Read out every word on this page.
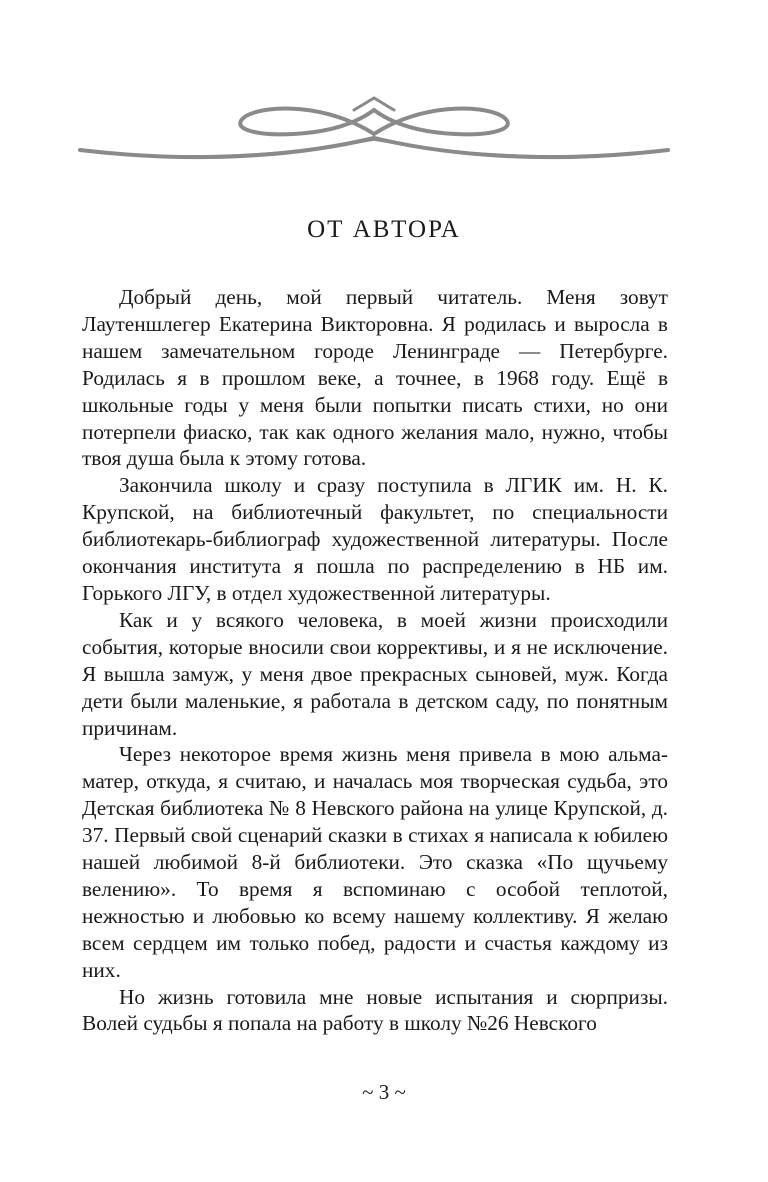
ОТ АВТОРА

Добрый день, мой первый читатель. Меня зовут Лаутеншлегер Екатерина Викторовна. Я родилась и выросла в нашем замечательном городе Ленинграде — Петербурге. Родилась я в прошлом веке, а точнее, в 1968 году. Ещё в школьные годы у меня были попытки писать стихи, но они потерпели фиаско, так как одного желания мало, нужно, чтобы твоя душа была к этому готова.

Закончила школу и сразу поступила в ЛГИК им. Н. К. Крупской, на библиотечный факультет, по специальности библиотекарь-библиограф художественной литературы. После окончания института я пошла по распределению в НБ им. Горького ЛГУ, в отдел художественной литературы.

Как и у всякого человека, в моей жизни происходили события, которые вносили свои коррективы, и я не исключение. Я вышла замуж, у меня двое прекрасных сыновей, муж. Когда дети были маленькие, я работала в детском саду, по понятным причинам.

Через некоторое время жизнь меня привела в мою альма-матер, откуда, я считаю, и началась моя творческая судьба, это Детская библиотека № 8 Невского района на улице Крупской, д. 37. Первый свой сценарий сказки в стихах я написала к юбилею нашей любимой 8-й библиотеки. Это сказка «По щучьему велению». То время я вспоминаю с особой теплотой, нежностью и любовью ко всему нашему коллективу. Я желаю всем сердцем им только побед, радости и счастья каждому из них.

Но жизнь готовила мне новые испытания и сюрпризы. Волей судьбы я попала на работу в школу №26 Невского

~ 3 ~
